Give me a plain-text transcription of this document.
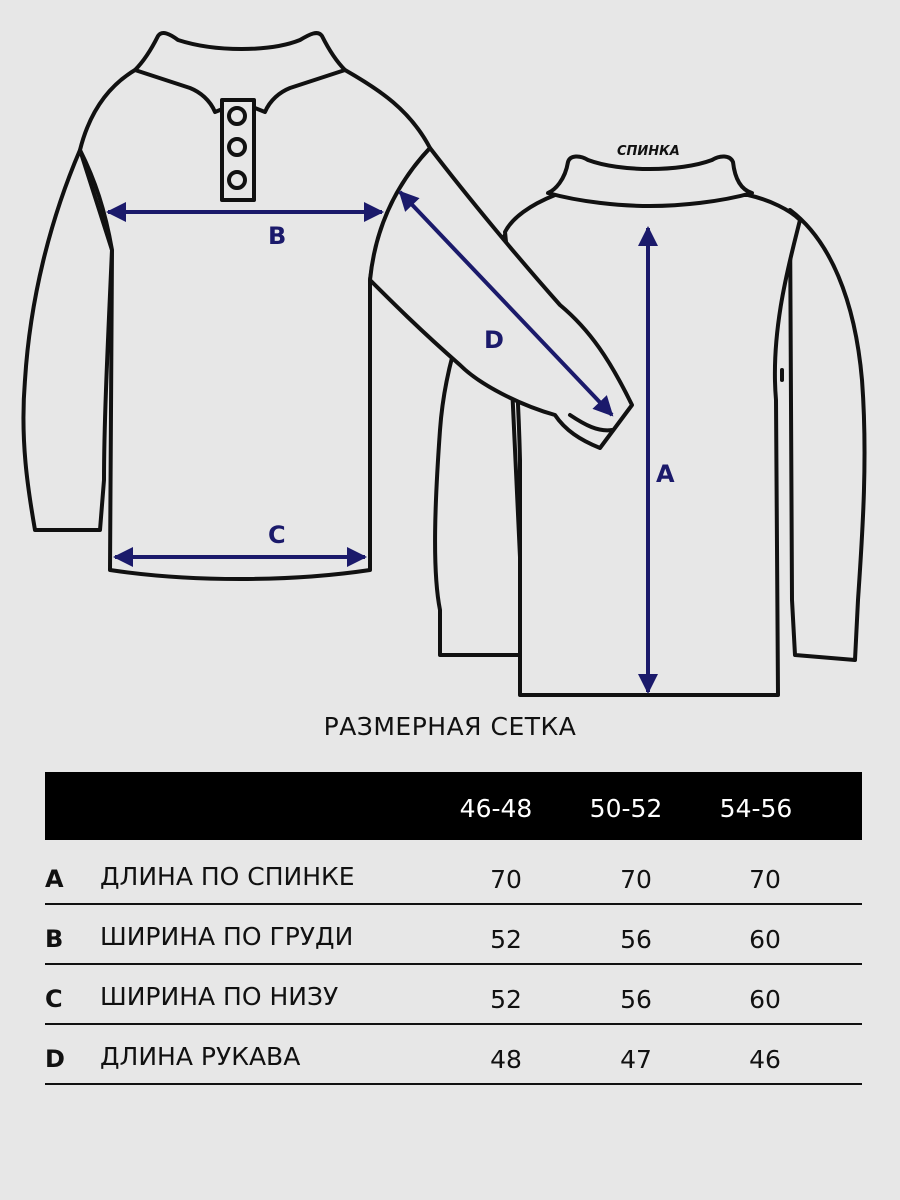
B
C
D
A
СПИНКА
РАЗМЕРНАЯ СЕТКА
46-48	50-52	54-56
A ДЛИНА ПО СПИНКЕ	70	70	70
B ШИРИНА ПО ГРУДИ	52	56	60
C ШИРИНА ПО НИЗУ	52	56	60
D ДЛИНА РУКАВА	48	47	46
